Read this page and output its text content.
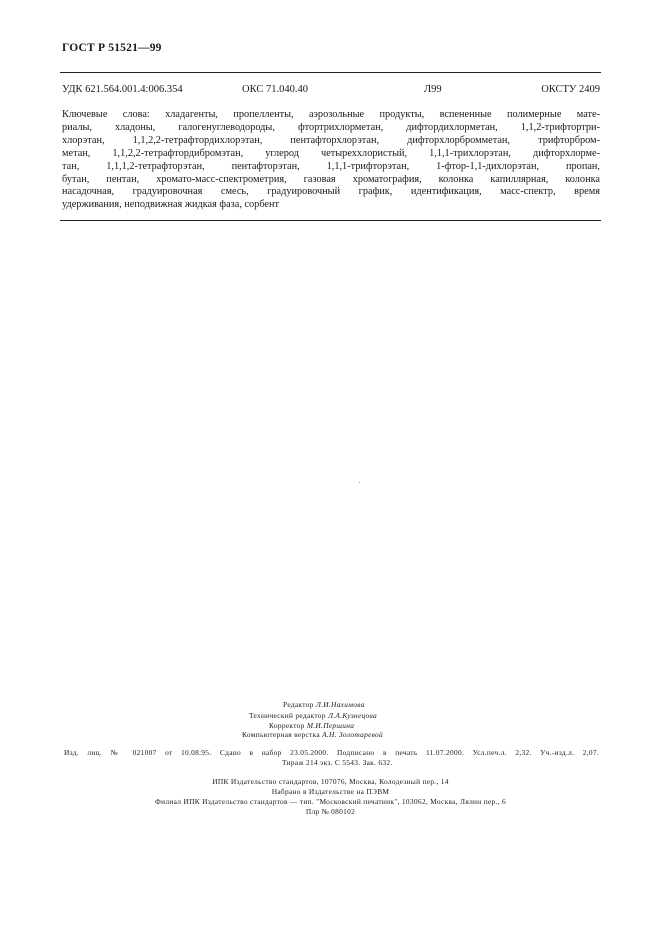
ГОСТ Р 51521—99
УДК 621.564.001.4:006.354	ОКС 71.040.40	Л99	ОКСТУ 2409
Ключевые слова: хладагенты, пропелленты, аэрозольные продукты, вспененные полимерные мате-
риалы, хладоны, галогенуглеводороды, фтортрихлорметан, дифтордихлорметан, 1,1,2-трифтортри-
хлорэтан, 1,1,2,2-тетрафтордихлорэтан, пентафторхлорэтан, дифторхлорбромметан, трифторбром-
метан, 1,1,2,2-тетрафтордибромэтан, углерод четыреххлористый, 1,1,1-трихлорэтан, дифторхлорме-
тан, 1,1,1,2-тетрафторэтан, пентафторэтан, 1,1,1-трифторэтан, 1-фтор-1,1-дихлорэтан, пропан,
бутан, пентан, хромато-масс-спектрометрия, газовая хроматография, колонка капиллярная, колонка
насадочная, градуировочная смесь, градуировочный график, идентификация, масс-спектр, время
удерживания, неподвижная жидкая фаза, сорбент
Редактор Л.И.Нахимова
Технический редактор Л.А.Кузнецова
Корректор М.И.Першина
Компьютерная верстка А.Н. Золотаревой
Изд. лиц. № 021007 от 10.08.95. Сдано в набор 23.05.2000. Подписано в печать 11.07.2000. Усл.печ.л. 2,32. Уч.-изд.л. 2,07.
Тираж 214 экз. С 5543. Зак. 632.
ИПК Издательство стандартов, 107076, Москва, Колодезный пер., 14
Набрано в Издательстве на ПЭВМ
Филиал ИПК Издательство стандартов — тип. "Московский печатник", 103062, Москва, Лялин пер., 6
Плр № 080102
